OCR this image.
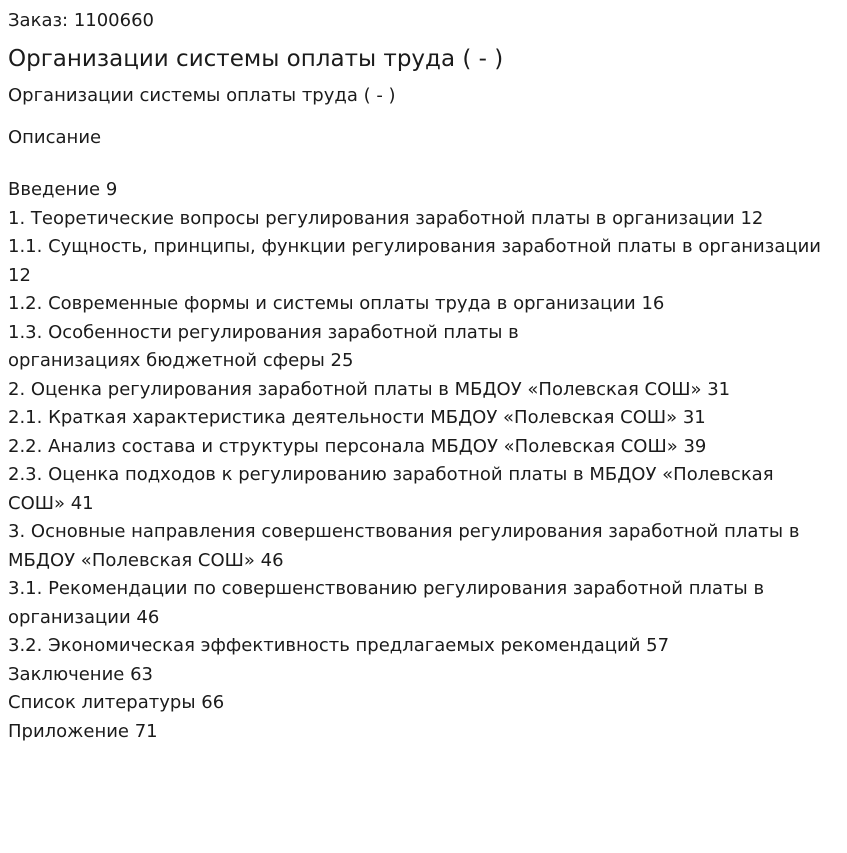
Заказ: 1100660

Организации системы оплаты труда ( - )
Организации системы оплаты труда ( - )
Описание
Введение 9
1. Теоретические вопросы регулирования заработной платы в организации 12
1.1. Сущность, принципы, функции регулирования заработной платы в организации 12
1.2. Современные формы и системы оплаты труда в организации 16
1.3. Особенности регулирования заработной платы в
организациях бюджетной сферы 25
2. Оценка регулирования заработной платы в МБДОУ «Полевская СОШ» 31
2.1. Краткая характеристика деятельности МБДОУ «Полевская СОШ» 31
2.2. Анализ состава и структуры персонала МБДОУ «Полевская СОШ» 39
2.3. Оценка подходов к регулированию заработной платы в МБДОУ «Полевская СОШ» 41
3. Основные направления совершенствования регулирования заработной платы в МБДОУ «Полевская СОШ» 46
3.1. Рекомендации по совершенствованию регулирования заработной платы в организации 46
3.2. Экономическая эффективность предлагаемых рекомендаций 57
Заключение 63
Список литературы 66
Приложение 71
